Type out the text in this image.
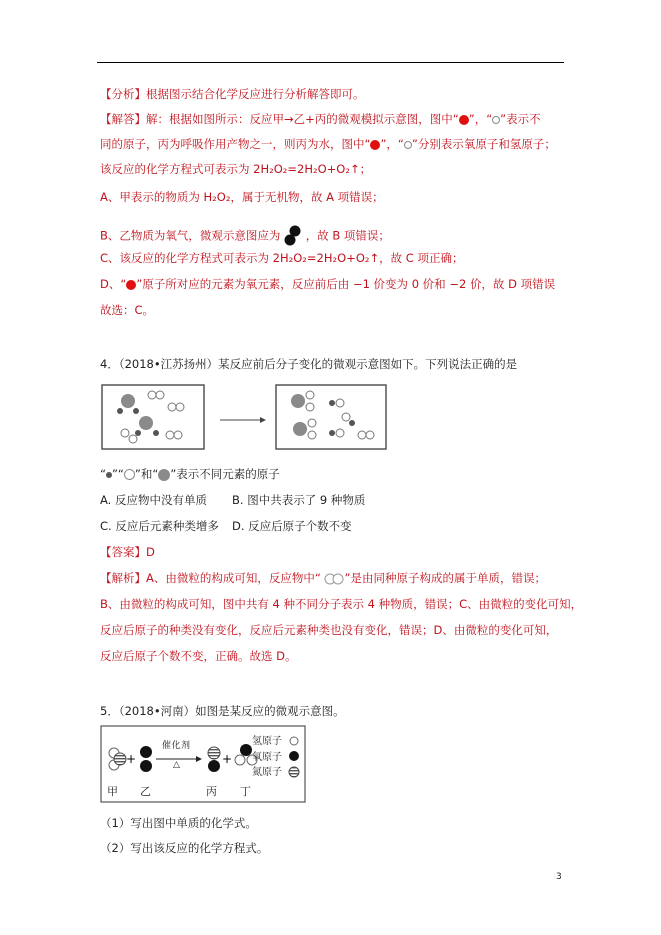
【分析】根据图示结合化学反应进行分析解答即可。
【解答】解：根据如图所示：反应甲→乙+丙的微观模拟示意图，图中“ ”，“ ”表示不
同的原子，丙为呼吸作用产物之一，则丙为水，图中“ ”，“ ”分别表示氧原子和氢原子；
该反应的化学方程式可表示为 2H₂O₂=2H₂O+O₂↑；
A、甲表示的物质为 H₂O₂，属于无机物，故 A 项错误；
B、乙物质为氧气，微观示意图应为 ，故 B 项错误；
C、该反应的化学方程式可表示为 2H₂O₂=2H₂O+O₂↑，故 C 项正确；
D、“ ”原子所对应的元素为氧元素，反应前后由 −1 价变为 0 价和 −2 价，故 D 项错误
故选：C。
4．（2018•江苏扬州）某反应前后分子变化的微观示意图如下。下列说法正确的是
“ ”“ ”和“ ”表示不同元素的原子
A. 反应物中没有单质 B. 图中共表示了 9 种物质
C. 反应后元素种类增多 D. 反应后原子个数不变
【答案】D
【解析】A、由微粒的构成可知，反应物中“ ”是由同种原子构成的属于单质，错误；
B、由微粒的构成可知，图中共有 4 种不同分子表示 4 种物质，错误；C、由微粒的变化可知，
反应后原子的种类没有变化，反应后元素种类也没有变化，错误；D、由微粒的变化可知，
反应后原子个数不变，正确。故选 D。
5．（2018•河南）如图是某反应的微观示意图。
+	+
催化剂
△
甲 乙	丙 丁
氢原子
氧原子
氮原子
（1）写出图中单质的化学式。
（2）写出该反应的化学方程式。
3
